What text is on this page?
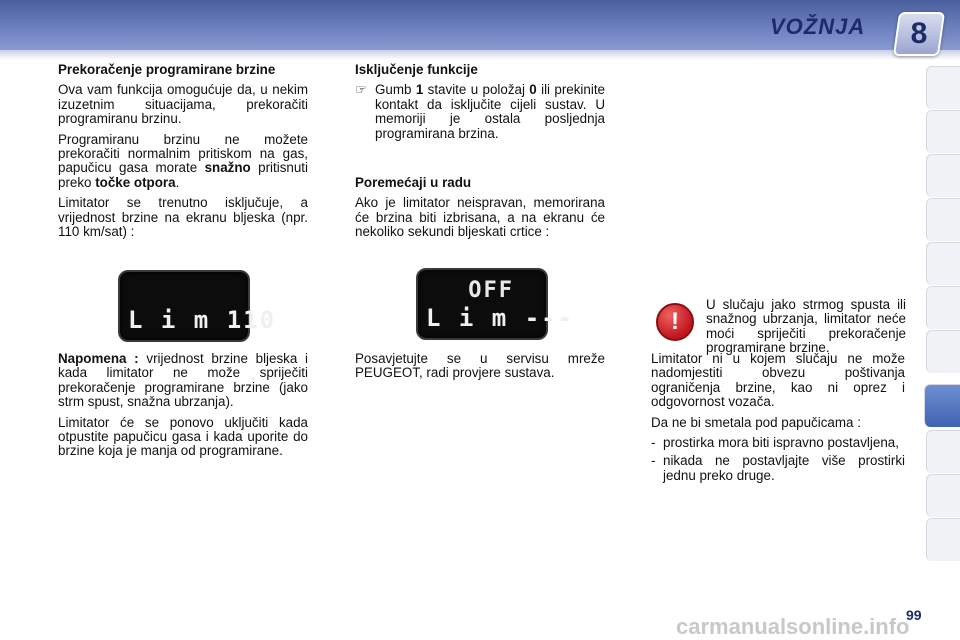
VOŽNJA	8
Prekoračenje programirane brzine

Ova vam funkcija omogućuje da, u nekim izuzetnim situacijama, prekoračiti programiranu brzinu.

Programiranu brzinu ne možete prekoračiti normalnim pritiskom na gas, papučicu gasa morate snažno pritisnuti preko točke otpora.

Limitator se trenutno isključuje, a vrijednost brzine na ekranu bljeska (npr. 110 km/sat) :

L i m 110

Napomena : vrijednost brzine bljeska i kada limitator ne može spriječiti prekoračenje programirane brzine (jako strm spust, snažna ubrzanja).

Limitator će se ponovo uključiti kada otpustite papučicu gasa i kada uporite do brzine koja je manja od programirane.

Isključenje funkcije
☞ Gumb 1 stavite u položaj 0 ili prekinite kontakt da isključite cijeli sustav. U memoriji je ostala posljednja programirana brzina.
Poremećaji u radu

Ako je limitator neispravan, memorirana će brzina biti izbrisana, a na ekranu će nekoliko sekundi bljeskati crtice :

OFF
L i m ---

Posavjetujte se u servisu mreže PEUGEOT, radi provjere sustava.

!
U slučaju jako strmog spusta ili snažnog ubrzanja, limitator neće moći spriječiti prekoračenje programirane brzine.

Limitator ni u kojem slučaju ne može nadomjestiti obvezu poštivanja ograničenja brzine, kao ni oprez i odgovornost vozača.

Da ne bi smetala pod papučicama :

- prostirka mora biti ispravno postavljena,
- nikada ne postavljajte više prostirki jednu preko druge.
carmanualsonline.info
99
